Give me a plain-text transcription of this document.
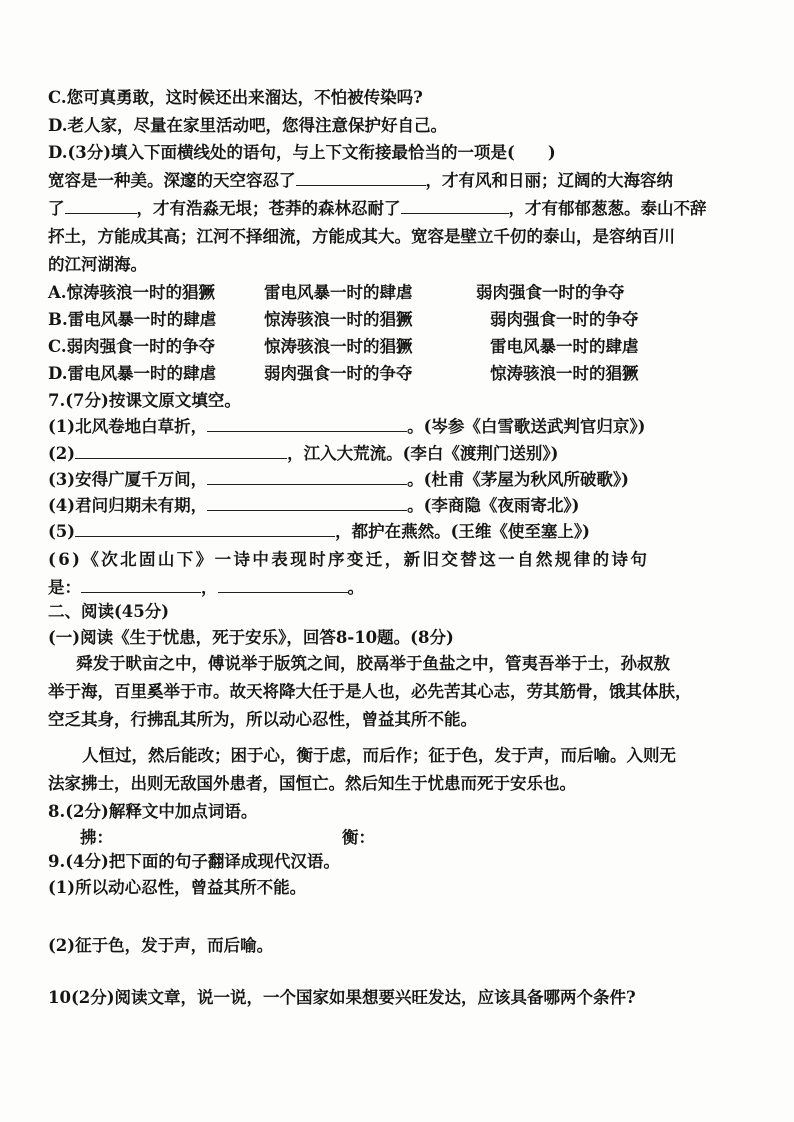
C.您可真勇敢，这时候还出来溜达，不怕被传染吗?
D.老人家，尽量在家里活动吧，您得注意保护好自己。
D.(3分)填入下面横线处的语句，与上下文衔接最恰当的一项是(　　)
宽容是一种美。深邃的天空容忍了	，才有风和日丽；辽阔的大海容纳
了	，才有浩淼无垠；苍莽的森林忍耐了	，才有郁郁葱葱。泰山不辞
抔土，方能成其高；江河不择细流，方能成其大。宽容是壁立千仞的泰山，是容纳百川
的江河湖海。
A.惊涛骇浪一时的猖獗	雷电风暴一时的肆虐	弱肉强食一时的争夺
B.雷电风暴一时的肆虐	惊涛骇浪一时的猖獗	弱肉强食一时的争夺
C.弱肉强食一时的争夺	惊涛骇浪一时的猖獗	雷电风暴一时的肆虐
D.雷电风暴一时的肆虐	弱肉强食一时的争夺	惊涛骇浪一时的猖獗
7.(7分)按课文原文填空。
(1)北风卷地白草折，	。(岑参《白雪歌送武判官归京》)
(2)	，江入大荒流。(李白《渡荆门送别》)
(3)安得广厦千万间，	。(杜甫《茅屋为秋风所破歌》)
(4)君问归期未有期，	。(李商隐《夜雨寄北》)
(5)	，都护在燕然。(王维《使至塞上》)
(6)《次北固山下》一诗中表现时序变迁，新旧交替这一自然规律的诗句
是：	，	。
二、阅读(45分)
(一)阅读《生于忧患，死于安乐》，回答8-10题。(8分)
舜发于畎亩之中，傅说举于版筑之间，胶鬲举于鱼盐之中，管夷吾举于士，孙叔敖
举于海，百里奚举于市。故天将降大任于是人也，必先苦其心志，劳其筋骨，饿其体肤，
空乏其身，行拂乱其所为，所以动心忍性，曾益其所不能。
人恒过，然后能改；困于心，衡于虑，而后作；征于色，发于声，而后喻。入则无
法家拂士，出则无敌国外患者，国恒亡。然后知生于忧患而死于安乐也。
8.(2分)解释文中加点词语。
拂：	衡：
9.(4分)把下面的句子翻译成现代汉语。
(1)所以动心忍性，曾益其所不能。
(2)征于色，发于声，而后喻。
10(2分)阅读文章，说一说，一个国家如果想要兴旺发达，应该具备哪两个条件?
